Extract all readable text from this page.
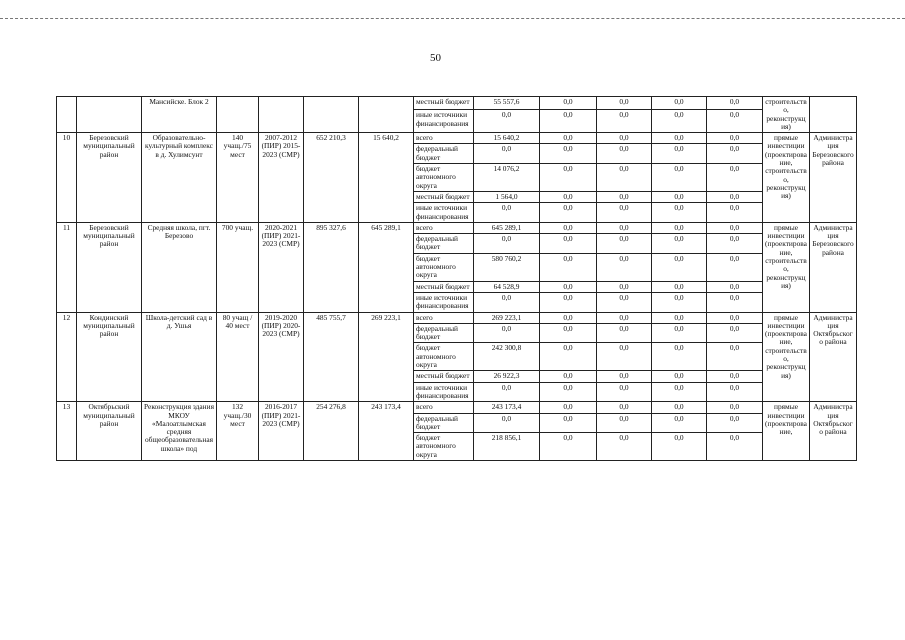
50
		Мансийске. Блок 2					местный бюджет	55 557,6	0,0	0,0	0,0	0,0	строительство, реконструкция)	
							иные источники финансирования	0,0	0,0	0,0	0,0	0,0		
10	Березовский муниципальный район	Образовательно-культурный комплекс в д. Хулимсунт	140 учащ./75 мест	2007-2012 (ПИР) 2015-2023 (СМР)	652 210,3	15 640,2	всего	15 640,2	0,0	0,0	0,0	0,0	прямые инвестиции (проектирование, строительство, реконструкция)	Администрация Березовского района
							федеральный бюджет	0,0	0,0	0,0	0,0	0,0		
							бюджет автономного округа	14 076,2	0,0	0,0	0,0	0,0		
							местный бюджет	1 564,0	0,0	0,0	0,0	0,0		
							иные источники финансирования	0,0	0,0	0,0	0,0	0,0		
11	Березовский муниципальный район	Средняя школа, пгт. Березово	700 учащ.	2020-2021 (ПИР) 2021-2023 (СМР)	895 327,6	645 289,1	всего	645 289,1	0,0	0,0	0,0	0,0	прямые инвестиции (проектирование, строительство, реконструкция)	Администрация Березовского района
							федеральный бюджет	0,0	0,0	0,0	0,0	0,0		
							бюджет автономного округа	580 760,2	0,0	0,0	0,0	0,0		
							местный бюджет	64 528,9	0,0	0,0	0,0	0,0		
							иные источники финансирования	0,0	0,0	0,0	0,0	0,0		
12	Кондинский муниципальный район	Школа-детский сад в д. Ушья	80 учащ / 40 мест	2019-2020 (ПИР) 2020-2023 (СМР)	485 755,7	269 223,1	всего	269 223,1	0,0	0,0	0,0	0,0	прямые инвестиции (проектирование, строительство, реконструкция)	Администрация Октябрьского района
							федеральный бюджет	0,0	0,0	0,0	0,0	0,0		
							бюджет автономного округа	242 300,8	0,0	0,0	0,0	0,0		
							местный бюджет	26 922,3	0,0	0,0	0,0	0,0		
							иные источники финансирования	0,0	0,0	0,0	0,0	0,0		
13	Октябрьский муниципальный район	Реконструкция здания МКОУ «Малоатлымская средняя общеобразовательная школа» под	132 учащ./30 мест	2016-2017 (ПИР) 2021-2023 (СМР)	254 276,8	243 173,4	всего	243 173,4	0,0	0,0	0,0	0,0	прямые инвестиции (проектирование,	Администрация Октябрьского района
							федеральный бюджет	0,0	0,0	0,0	0,0	0,0		
							бюджет автономного округа	218 856,1	0,0	0,0	0,0	0,0		
